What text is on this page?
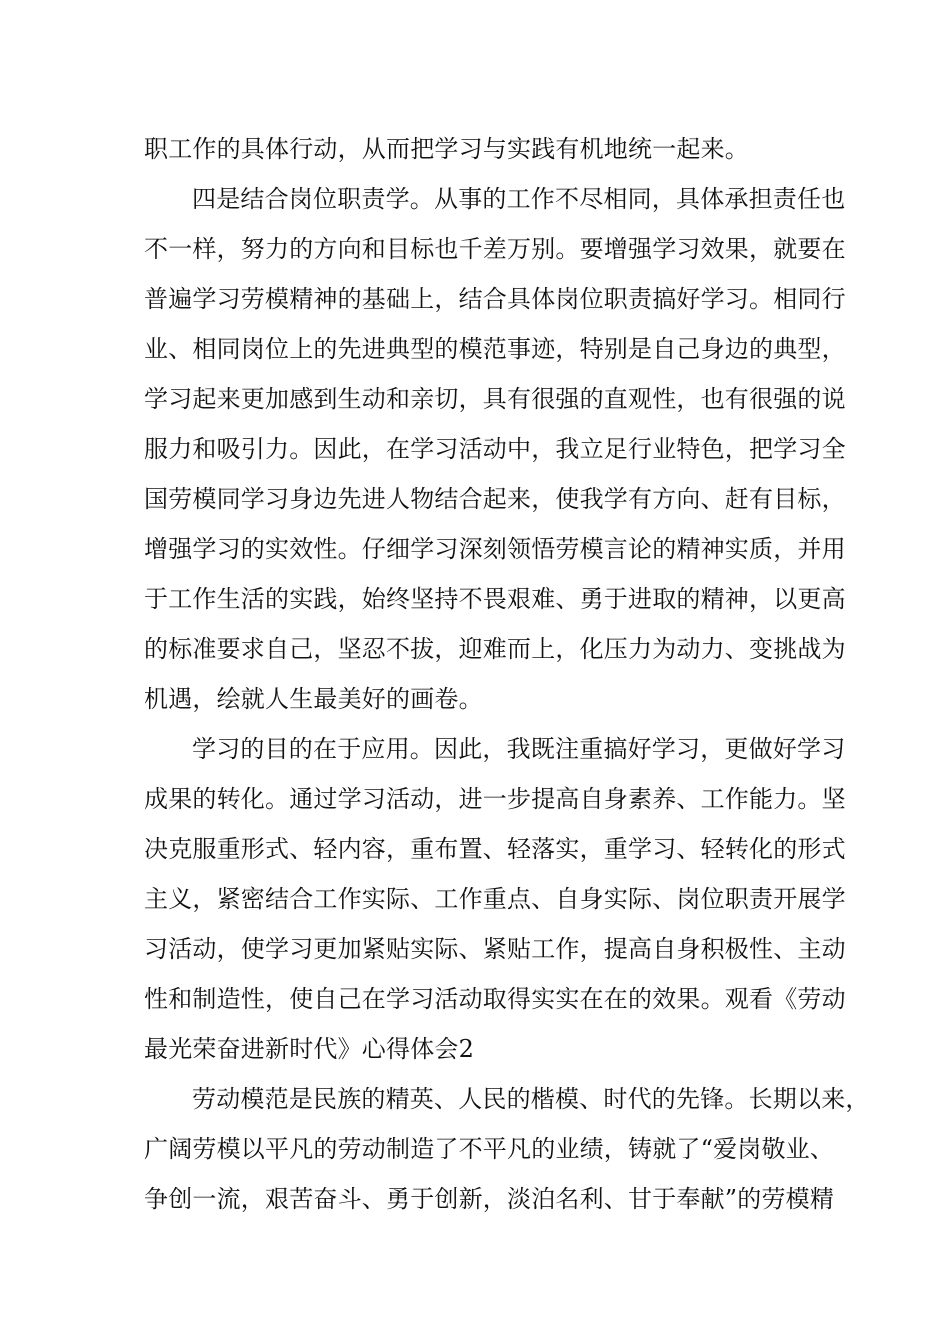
职工作的具体行动，从而把学习与实践有机地统一起来。
四是结合岗位职责学。从事的工作不尽相同，具体承担责任也
不一样，努力的方向和目标也千差万别。要增强学习效果，就要在
普遍学习劳模精神的基础上，结合具体岗位职责搞好学习。相同行
业、相同岗位上的先进典型的模范事迹，特别是自己身边的典型，
学习起来更加感到生动和亲切，具有很强的直观性，也有很强的说
服力和吸引力。因此，在学习活动中，我立足行业特色，把学习全
国劳模同学习身边先进人物结合起来，使我学有方向、赶有目标，
增强学习的实效性。仔细学习深刻领悟劳模言论的精神实质，并用
于工作生活的实践，始终坚持不畏艰难、勇于进取的精神，以更高
的标准要求自己，坚忍不拔，迎难而上，化压力为动力、变挑战为
机遇，绘就人生最美好的画卷。
学习的目的在于应用。因此，我既注重搞好学习，更做好学习
成果的转化。通过学习活动，进一步提高自身素养、工作能力。坚
决克服重形式、轻内容，重布置、轻落实，重学习、轻转化的形式
主义，紧密结合工作实际、工作重点、自身实际、岗位职责开展学
习活动，使学习更加紧贴实际、紧贴工作，提高自身积极性、主动
性和制造性，使自己在学习活动取得实实在在的效果。观看《劳动
最光荣奋进新时代》心得体会2
劳动模范是民族的精英、人民的楷模、时代的先锋。长期以来，
广阔劳模以平凡的劳动制造了不平凡的业绩，铸就了“爱岗敬业、
争创一流，艰苦奋斗、勇于创新，淡泊名利、甘于奉献”的劳模精
